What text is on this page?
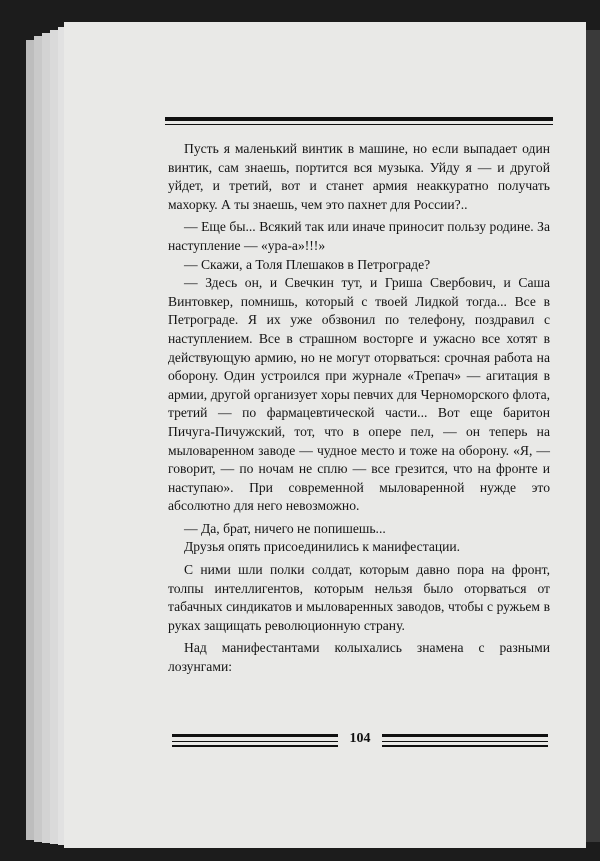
Пусть я маленький винтик в машине, но если выпадает один винтик, сам знаешь, портится вся музыка. Уйду я — и другой уйдет, и третий, вот и станет армия неаккуратно получать махорку. А ты знаешь, чем это пахнет для России?..

— Еще бы... Всякий так или иначе приносит пользу родине. За наступление — «ура-а»!!!»

— Скажи, а Толя Плешаков в Петрограде?

— Здесь он, и Свечкин тут, и Гриша Свербович, и Саша Винтовкер, помнишь, который с твоей Лидкой тогда... Все в Петрограде. Я их уже обзвонил по телефону, поздравил с наступлением. Все в страшном восторге и ужасно все хотят в действующую армию, но не могут оторваться: срочная работа на оборону. Один устроился при журнале «Трепач» — агитация в армии, другой организует хоры певчих для Черноморского флота, третий — по фармацевтической части... Вот еще баритон Пичуга-Пичужский, тот, что в опере пел, — он теперь на мыловаренном заводе — чудное место и тоже на оборону. «Я, — говорит, — по ночам не сплю — все грезится, что на фронте и наступаю». При современной мыловаренной нужде это абсолютно для него невозможно.

— Да, брат, ничего не попишешь...

Друзья опять присоединились к манифестации.

С ними шли полки солдат, которым давно пора на фронт, толпы интеллигентов, которым нельзя было оторваться от табачных синдикатов и мыловаренных заводов, чтобы с ружьем в руках защищать революционную страну.

Над манифестантами колыхались знамена с разными лозунгами:

104
